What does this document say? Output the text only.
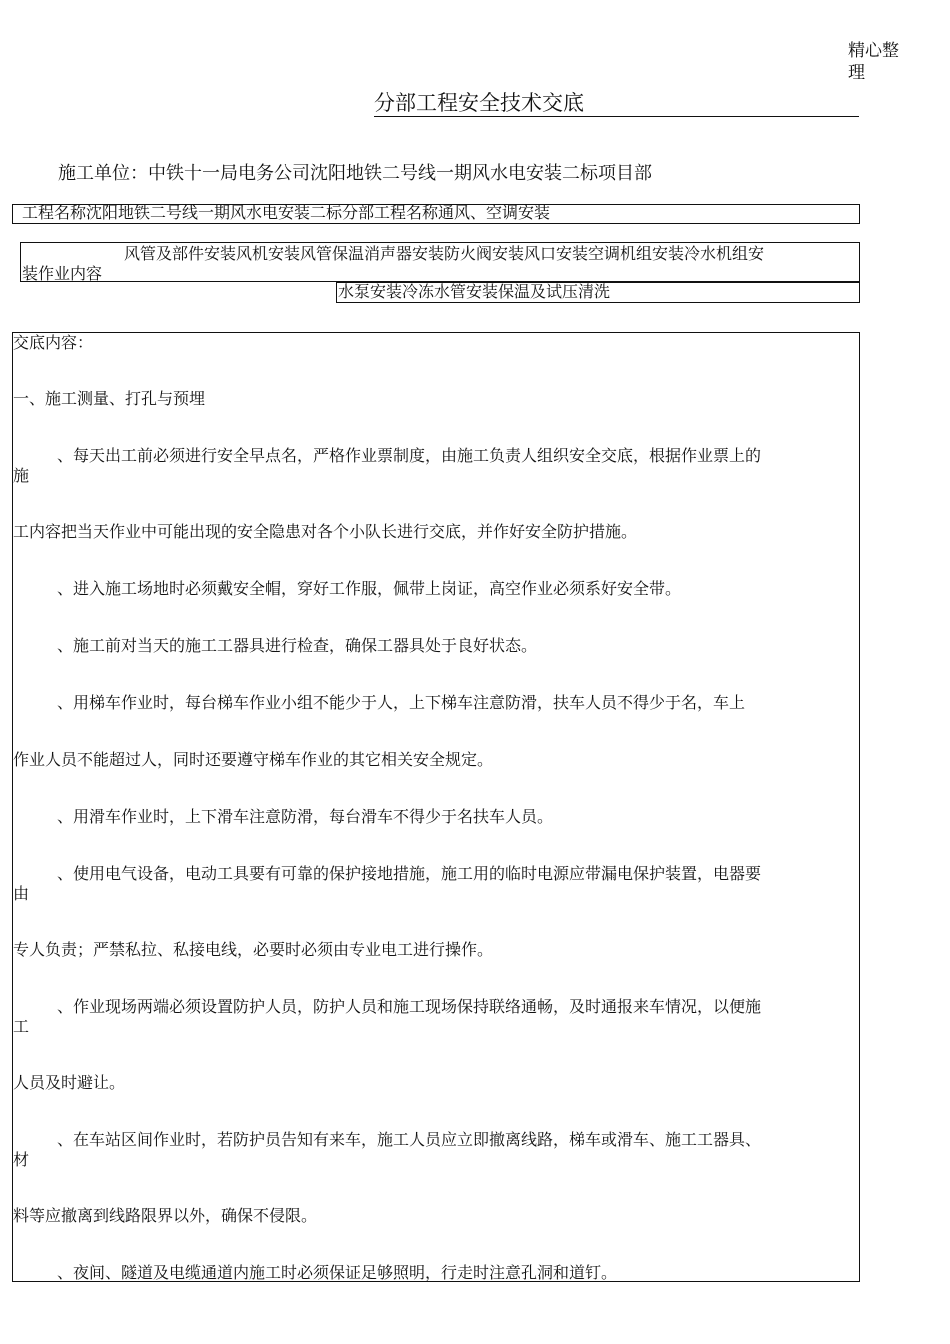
精心整
理
分部工程安全技术交底
施工单位：中铁十一局电务公司沈阳地铁二号线一期风水电安装二标项目部
工程名称沈阳地铁二号线一期风水电安装二标分部工程名称通风、空调安装
风管及部件安装风机安装风管保温消声器安装防火阀安装风口安装空调机组安装冷水机组安
装作业内容
水泵安装冷冻水管安装保温及试压清洗
交底内容：
一、施工测量、打孔与预埋
、每天出工前必须进行安全早点名，严格作业票制度，由施工负责人组织安全交底，根据作业票上的
施
工内容把当天作业中可能出现的安全隐患对各个小队长进行交底，并作好安全防护措施。
、进入施工场地时必须戴安全帽，穿好工作服，佩带上岗证，高空作业必须系好安全带。
、施工前对当天的施工工器具进行检查，确保工器具处于良好状态。
、用梯车作业时，每台梯车作业小组不能少于人，上下梯车注意防滑，扶车人员不得少于名，车上
作业人员不能超过人，同时还要遵守梯车作业的其它相关安全规定。
、用滑车作业时，上下滑车注意防滑，每台滑车不得少于名扶车人员。
、使用电气设备，电动工具要有可靠的保护接地措施，施工用的临时电源应带漏电保护装置，电器要
由
专人负责；严禁私拉、私接电线，必要时必须由专业电工进行操作。
、作业现场两端必须设置防护人员，防护人员和施工现场保持联络通畅，及时通报来车情况，以便施
工
人员及时避让。
、在车站区间作业时，若防护员告知有来车，施工人员应立即撤离线路，梯车或滑车、施工工器具、
材
料等应撤离到线路限界以外，确保不侵限。
、夜间、隧道及电缆通道内施工时必须保证足够照明，行走时注意孔洞和道钉。
